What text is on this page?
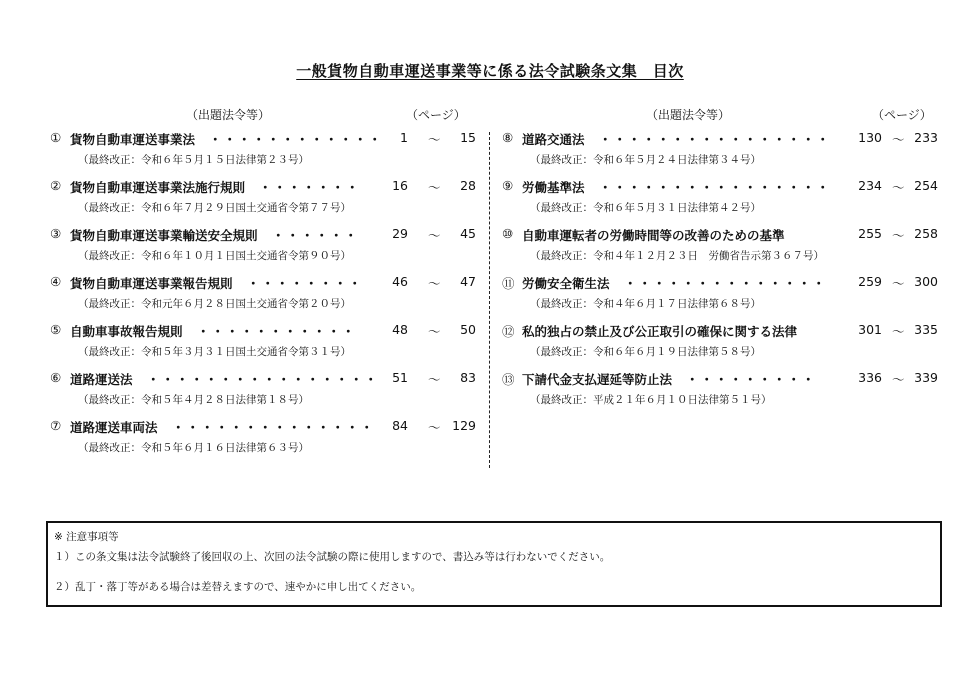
一般貨物自動車運送事業等に係る法令試験条文集　目次
（出題法令等）	（ページ）
① 貨物自動車運送事業法 ・・・・・・・・・・・・	1 ～	15
（最終改正：令和６年５月１５日法律第２３号）
② 貨物自動車運送事業法施行規則 ・・・・・・・	16 ～	28
（最終改正：令和６年７月２９日国土交通省令第７７号）
③ 貨物自動車運送事業輸送安全規則 ・・・・・・	29 ～	45
（最終改正：令和６年１０月１日国土交通省令第９０号）
④ 貨物自動車運送事業報告規則 ・・・・・・・・	46 ～	47
（最終改正：令和元年６月２８日国土交通省令第２０号）
⑤ 自動車事故報告規則 ・・・・・・・・・・・	48 ～	50
（最終改正：令和５年３月３１日国土交通省令第３１号）
⑥ 道路運送法 ・・・・・・・・・・・・・・・・	51 ～	83
（最終改正：令和５年４月２８日法律第１８号）
⑦ 道路運送車両法 ・・・・・・・・・・・・・・	84 ～ 129
（最終改正：令和５年６月１６日法律第６３号）
（出題法令等）	（ページ）
⑧ 道路交通法 ・・・・・・・・・・・・・・・・	130 ～ 233
（最終改正：令和６年５月２４日法律第３４号）
⑨ 労働基準法 ・・・・・・・・・・・・・・・・	234 ～ 254
（最終改正：令和６年５月３１日法律第４２号）
⑩ 自動車運転者の労働時間等の改善のための基準	255 ～ 258
（最終改正：令和４年１２月２３日　労働省告示第３６７号）
⑪ 労働安全衛生法 ・・・・・・・・・・・・・・	259 ～ 300
（最終改正：令和４年６月１７日法律第６８号）
⑫ 私的独占の禁止及び公正取引の確保に関する法律	301 ～ 335
（最終改正：令和６年６月１９日法律第５８号）
⑬ 下請代金支払遅延等防止法 ・・・・・・・・・	336 ～ 339
（最終改正：平成２１年６月１０日法律第５１号）
※ 注意事項等
１）この条文集は法令試験終了後回収の上、次回の法令試験の際に使用しますので、書込み等は行わないでください。
２）乱丁・落丁等がある場合は差替えますので、速やかに申し出てください。
